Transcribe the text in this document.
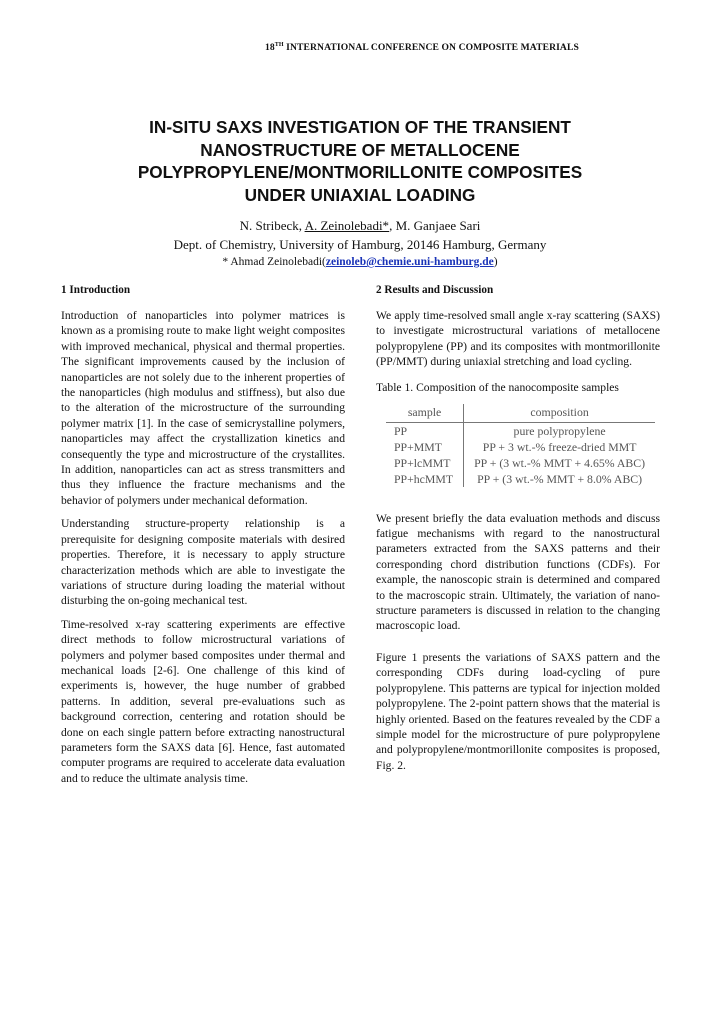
18TH INTERNATIONAL CONFERENCE ON COMPOSITE MATERIALS
IN-SITU SAXS INVESTIGATION OF THE TRANSIENT
NANOSTRUCTURE OF METALLOCENE
POLYPROPYLENE/MONTMORILLONITE COMPOSITES
UNDER UNIAXIAL LOADING
N. Stribeck, A. Zeinolebadi*, M. Ganjaee Sari
Dept. of Chemistry, University of Hamburg, 20146 Hamburg, Germany
* Ahmad Zeinolebadi(zeinoleb@chemie.uni-hamburg.de)
1 Introduction

Introduction of nanoparticles into polymer matrices is known as a promising route to make light weight composites with improved mechanical, physical and thermal properties. The significant improvements caused by the inclusion of nanoparticles are not solely due to the inherent properties of the nanoparticles (high modulus and stiffness), but also due to the alteration of the microstructure of the surrounding polymer matrix [1]. In the case of semicrystalline polymers, nanoparticles may affect the crystallization kinetics and consequently the type and microstructure of the crystallites. In addition, nanoparticles can act as stress transmitters and thus they influence the fracture mechanisms and the behavior of polymers under mechanical deformation.

Understanding structure-property relationship is a prerequisite for designing composite materials with desired properties. Therefore, it is necessary to apply structure characterization methods which are able to investigate the variations of structure during loading the material without disturbing the on-going mechanical test.

Time-resolved x-ray scattering experiments are effective direct methods to follow microstructural variations of polymers and polymer based composites under thermal and mechanical loads [2-6]. One challenge of this kind of experiments is, however, the huge number of grabbed patterns. In addition, several pre-evaluations such as background correction, centering and rotation should be done on each single pattern before extracting nanostructural parameters form the SAXS data [6]. Hence, fast automated computer programs are required to accelerate data evaluation and to reduce the ultimate analysis time.

2 Results and Discussion

We apply time-resolved small angle x-ray scattering (SAXS) to investigate microstructural variations of metallocene polypropylene (PP) and its composites with montmorillonite (PP/MMT) during uniaxial stretching and load cycling.

Table 1. Composition of the nanocomposite samples
sample	composition
PP	pure polypropylene
PP+MMT	PP + 3 wt.-% freeze-dried MMT
PP+lcMMT	PP + (3 wt.-% MMT + 4.65% ABC)
PP+hcMMT	PP + (3 wt.-% MMT + 8.0% ABC)

We present briefly the data evaluation methods and discuss fatigue mechanisms with regard to the nanostructural parameters extracted from the SAXS patterns and their corresponding chord distribution functions (CDFs). For example, the nanoscopic strain is determined and compared to the macroscopic strain. Ultimately, the variation of nano-structure parameters is discussed in relation to the changing macroscopic load.

Figure 1 presents the variations of SAXS pattern and the corresponding CDFs during load-cycling of pure polypropylene. This patterns are typical for injection molded polypropylene. The 2-point pattern shows that the material is highly oriented. Based on the features revealed by the CDF a simple model for the microstructure of pure polypropylene and polypropylene/montmorillonite composites is proposed, Fig. 2.
